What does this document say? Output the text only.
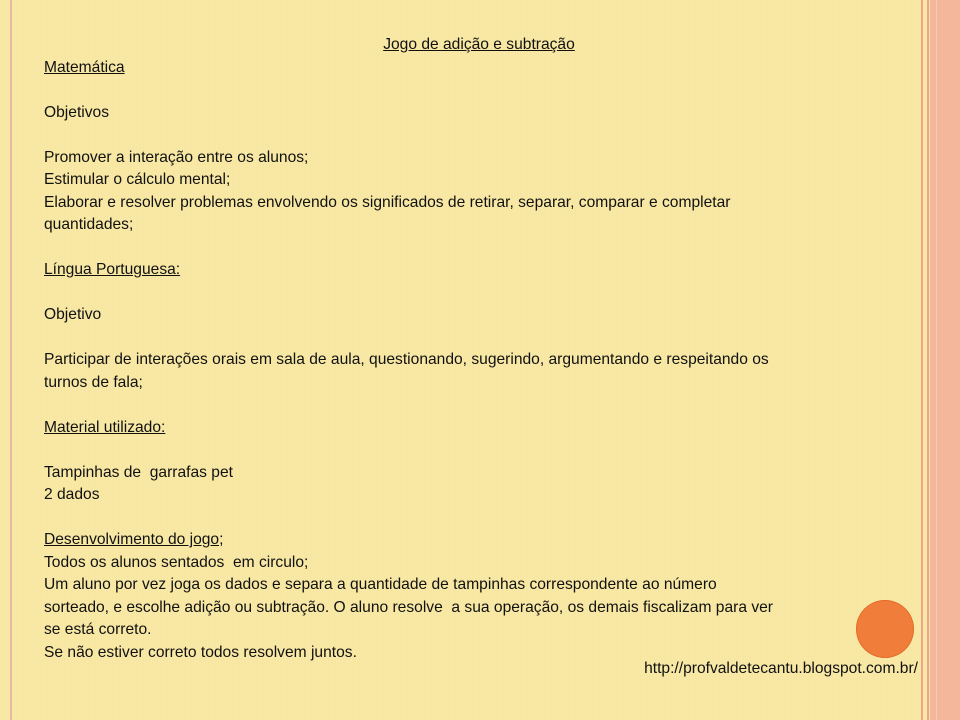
Jogo de adição e subtração
Matemática
Objetivos
Promover a interação entre os alunos;
Estimular o cálculo mental;
Elaborar e resolver problemas envolvendo os significados de retirar, separar, comparar e completar
quantidades;
Língua Portuguesa:
Objetivo
Participar de interações orais em sala de aula, questionando, sugerindo, argumentando e respeitando os
turnos de fala;
Material utilizado:
Tampinhas de  garrafas pet
2 dados
Desenvolvimento do jogo;
Todos os alunos sentados  em circulo;
Um aluno por vez joga os dados e separa a quantidade de tampinhas correspondente ao número
sorteado, e escolhe adição ou subtração. O aluno resolve  a sua operação, os demais fiscalizam para ver
se está correto.
Se não estiver correto todos resolvem juntos.
http://profvaldetecantu.blogspot.com.br/
